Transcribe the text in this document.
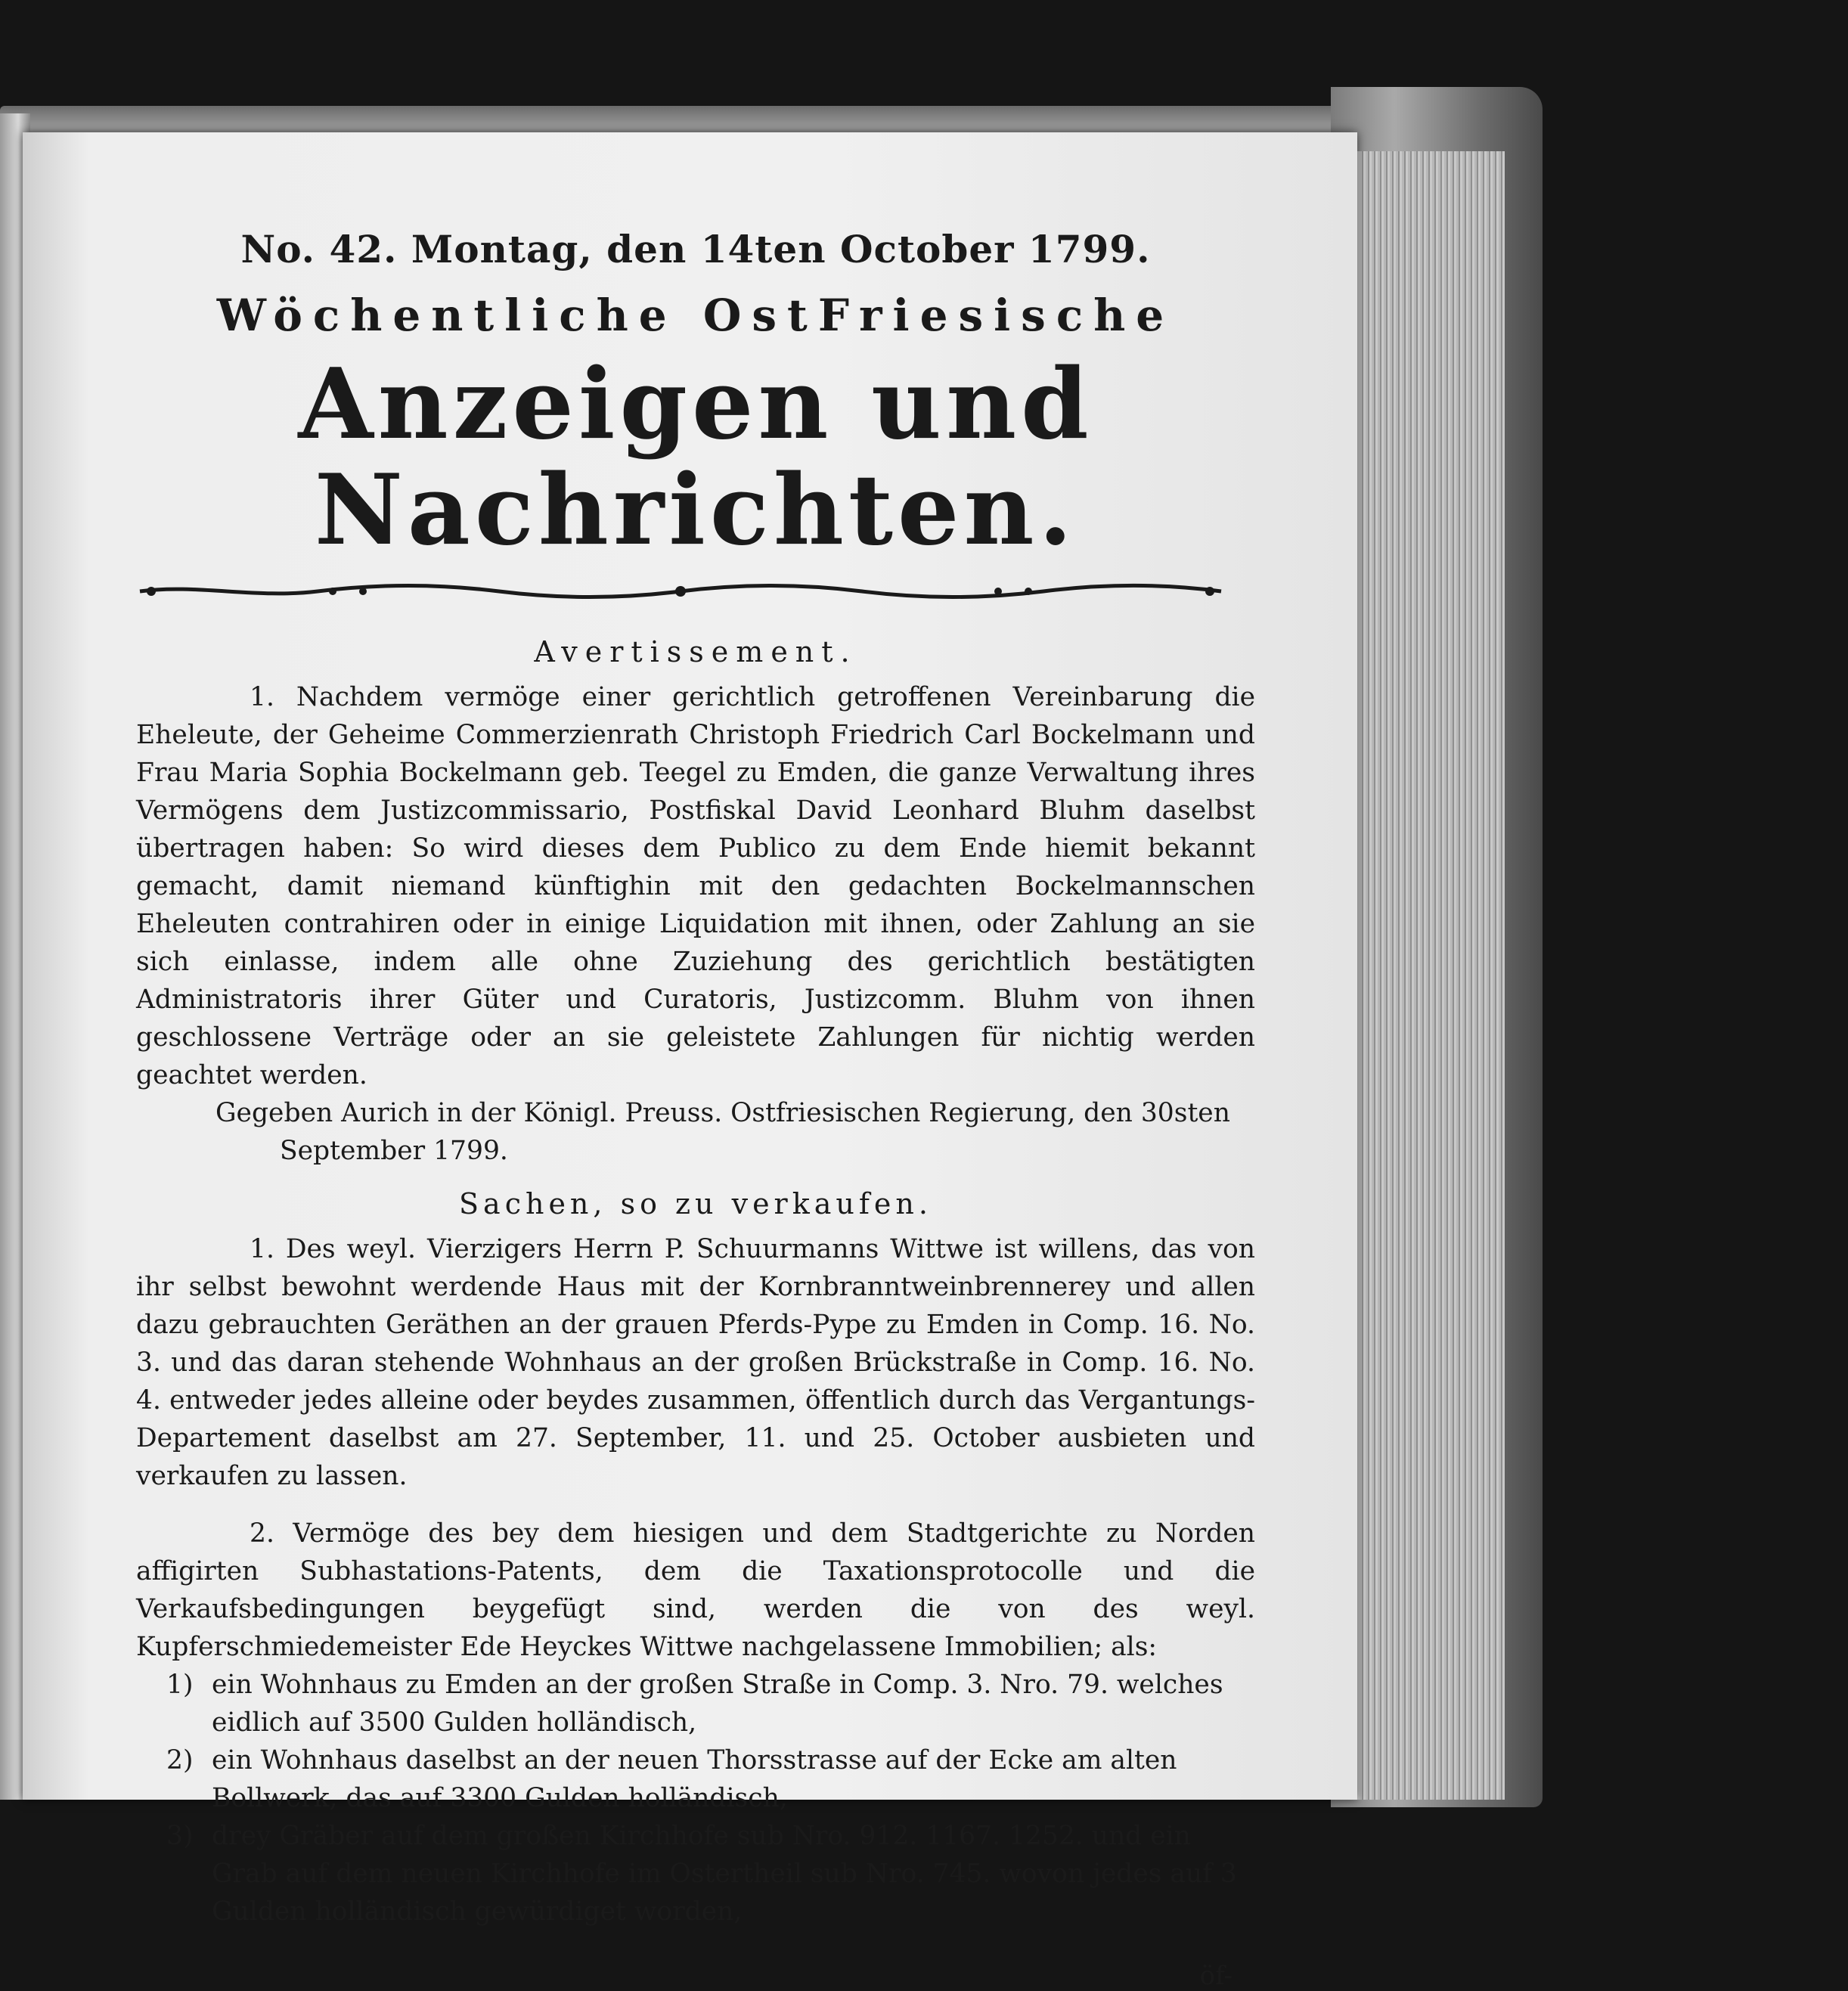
No. 42. Montag, den 14ten October 1799.
Wöchentliche OstFriesische
Anzeigen und Nachrichten.
Avertissement.

1. Nachdem vermöge einer gerichtlich getroffenen Vereinbarung die Eheleute, der Geheime Commerzienrath Christoph Friedrich Carl Bockelmann und Frau Maria Sophia Bockelmann geb. Teegel zu Emden, die ganze Verwaltung ihres Vermögens dem Justizcommissario, Postfiskal David Leonhard Bluhm daselbst übertragen haben: So wird dieses dem Publico zu dem Ende hiemit bekannt gemacht, damit niemand künftighin mit den gedachten Bockelmannschen Eheleuten contrahiren oder in einige Liquidation mit ihnen, oder Zahlung an sie sich einlasse, indem alle ohne Zuziehung des gerichtlich bestätigten Administratoris ihrer Güter und Curatoris, Justizcomm. Bluhm von ihnen geschlossene Verträge oder an sie geleistete Zahlungen für nichtig werden geachtet werden.

Gegeben Aurich in der Königl. Preuss. Ostfriesischen Regierung, den 30sten

September 1799.

Sachen, so zu verkaufen.

1. Des weyl. Vierzigers Herrn P. Schuurmanns Wittwe ist willens, das von ihr selbst bewohnt werdende Haus mit der Kornbranntweinbrennerey und allen dazu gebrauchten Geräthen an der grauen Pferds-Pype zu Emden in Comp. 16. No. 3. und das daran stehende Wohnhaus an der großen Brückstraße in Comp. 16. No. 4. entweder jedes alleine oder beydes zusammen, öffentlich durch das Vergantungs-Departement daselbst am 27. September, 11. und 25. October ausbieten und verkaufen zu lassen.

2. Vermöge des bey dem hiesigen und dem Stadtgerichte zu Norden affigirten Subhastations-Patents, dem die Taxationsprotocolle und die Verkaufsbedingungen beygefügt sind, werden die von des weyl. Kupferschmiedemeister Ede Heyckes Wittwe nachgelassene Immobilien; als:

1) ein Wohnhaus zu Emden an der großen Straße in Comp. 3. Nro. 79. welches eidlich auf 3500 Gulden holländisch,
2) ein Wohnhaus daselbst an der neuen Thorsstrasse auf der Ecke am alten Bollwerk, das auf 3300 Gulden holländisch,
3) drey Gräber auf dem großen Kirchhofe sub Nro. 912. 1167. 1252. und ein Grab auf dem neuen Kirchhofe im Ostertheil sub Nro. 745. wovon jedes auf 3 Gulden holländisch gewürdiget worden,
öf-
